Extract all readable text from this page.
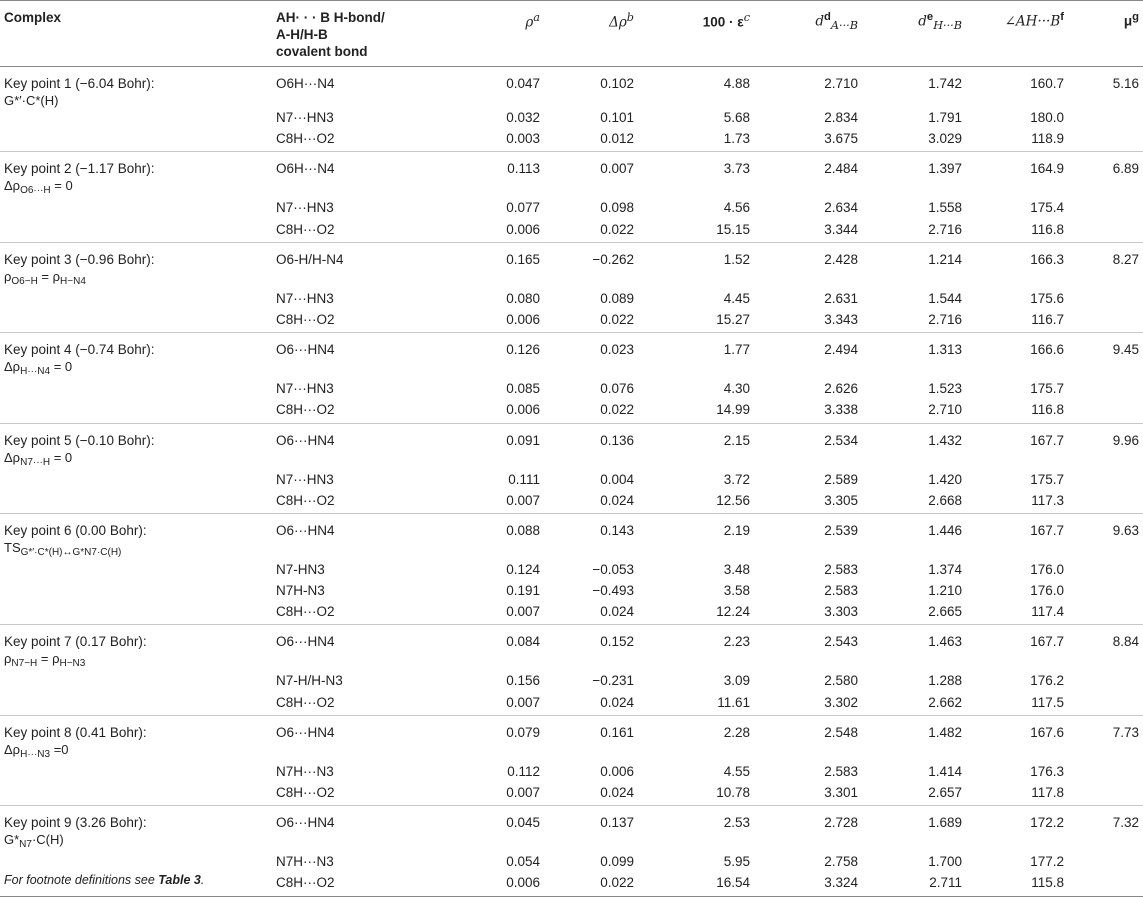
Complex	AH· · · B H-bond/
A-H/H-B
covalent bond	$\rho^a$	$\Delta\rho^b$	$100 \cdot \varepsilon^c$	$d^d_{A\cdot\cdot\cdot B}$	$d^e_{H\cdot\cdot\cdot B}$	$\angle AH\cdot\cdot\cdot B^f$	$\mu^g$

Key point 1 (−6.04 Bohr):
G*′·C*(H)	O6H···N4	0.047	0.102	4.88	2.710	1.742	160.7	5.16
	N7···HN3	0.032	0.101	5.68	2.834	1.791	180.0	
	C8H···O2	0.003	0.012	1.73	3.675	3.029	118.9	

Key point 2 (−1.17 Bohr):
$\Delta\rho_{O6\cdot\cdot\cdot H} = 0$	O6H···N4	0.113	0.007	3.73	2.484	1.397	164.9	6.89
	N7···HN3	0.077	0.098	4.56	2.634	1.558	175.4	
	C8H···O2	0.006	0.022	15.15	3.344	2.716	116.8	

Key point 3 (−0.96 Bohr):
$\rho_{O6-H} = \rho_{H-N4}$	O6-H/H-N4	0.165	−0.262	1.52	2.428	1.214	166.3	8.27
	N7···HN3	0.080	0.089	4.45	2.631	1.544	175.6	
	C8H···O2	0.006	0.022	15.27	3.343	2.716	116.7	

Key point 4 (−0.74 Bohr):
$\Delta\rho_{H\cdot\cdot\cdot N4} = 0$	O6···HN4	0.126	0.023	1.77	2.494	1.313	166.6	9.45
	N7···HN3	0.085	0.076	4.30	2.626	1.523	175.7	
	C8H···O2	0.006	0.022	14.99	3.338	2.710	116.8	

Key point 5 (−0.10 Bohr):
$\Delta\rho_{N7\cdot\cdot\cdot H} = 0$	O6···HN4	0.091	0.136	2.15	2.534	1.432	167.7	9.96
	N7···HN3	0.111	0.004	3.72	2.589	1.420	175.7	
	C8H···O2	0.007	0.024	12.56	3.305	2.668	117.3	

Key point 6 (0.00 Bohr):
$TS_{G*'\cdot C*(H)\leftrightarrow G*N7\cdot C(H)}$	O6···HN4	0.088	0.143	2.19	2.539	1.446	167.7	9.63
	N7-HN3	0.124	−0.053	3.48	2.583	1.374	176.0	
	N7H-N3	0.191	−0.493	3.58	2.583	1.210	176.0	
	C8H···O2	0.007	0.024	12.24	3.303	2.665	117.4	

Key point 7 (0.17 Bohr):
$\rho_{N7-H} = \rho_{H-N3}$	O6···HN4	0.084	0.152	2.23	2.543	1.463	167.7	8.84
	N7-H/H-N3	0.156	−0.231	3.09	2.580	1.288	176.2	
	C8H···O2	0.007	0.024	11.61	3.302	2.662	117.5	

Key point 8 (0.41 Bohr):
$\Delta\rho_{H\cdot\cdot\cdot N3} =0$	O6···HN4	0.079	0.161	2.28	2.548	1.482	167.6	7.73
	N7H···N3	0.112	0.006	4.55	2.583	1.414	176.3	
	C8H···O2	0.007	0.024	10.78	3.301	2.657	117.8	

Key point 9 (3.26 Bohr):
$G*_{N7}\cdot C(H)$	O6···HN4	0.045	0.137	2.53	2.728	1.689	172.2	7.32
	N7H···N3	0.054	0.099	5.95	2.758	1.700	177.2	
	C8H···O2	0.006	0.022	16.54	3.324	2.711	115.8	
For footnote definitions see Table 3.
